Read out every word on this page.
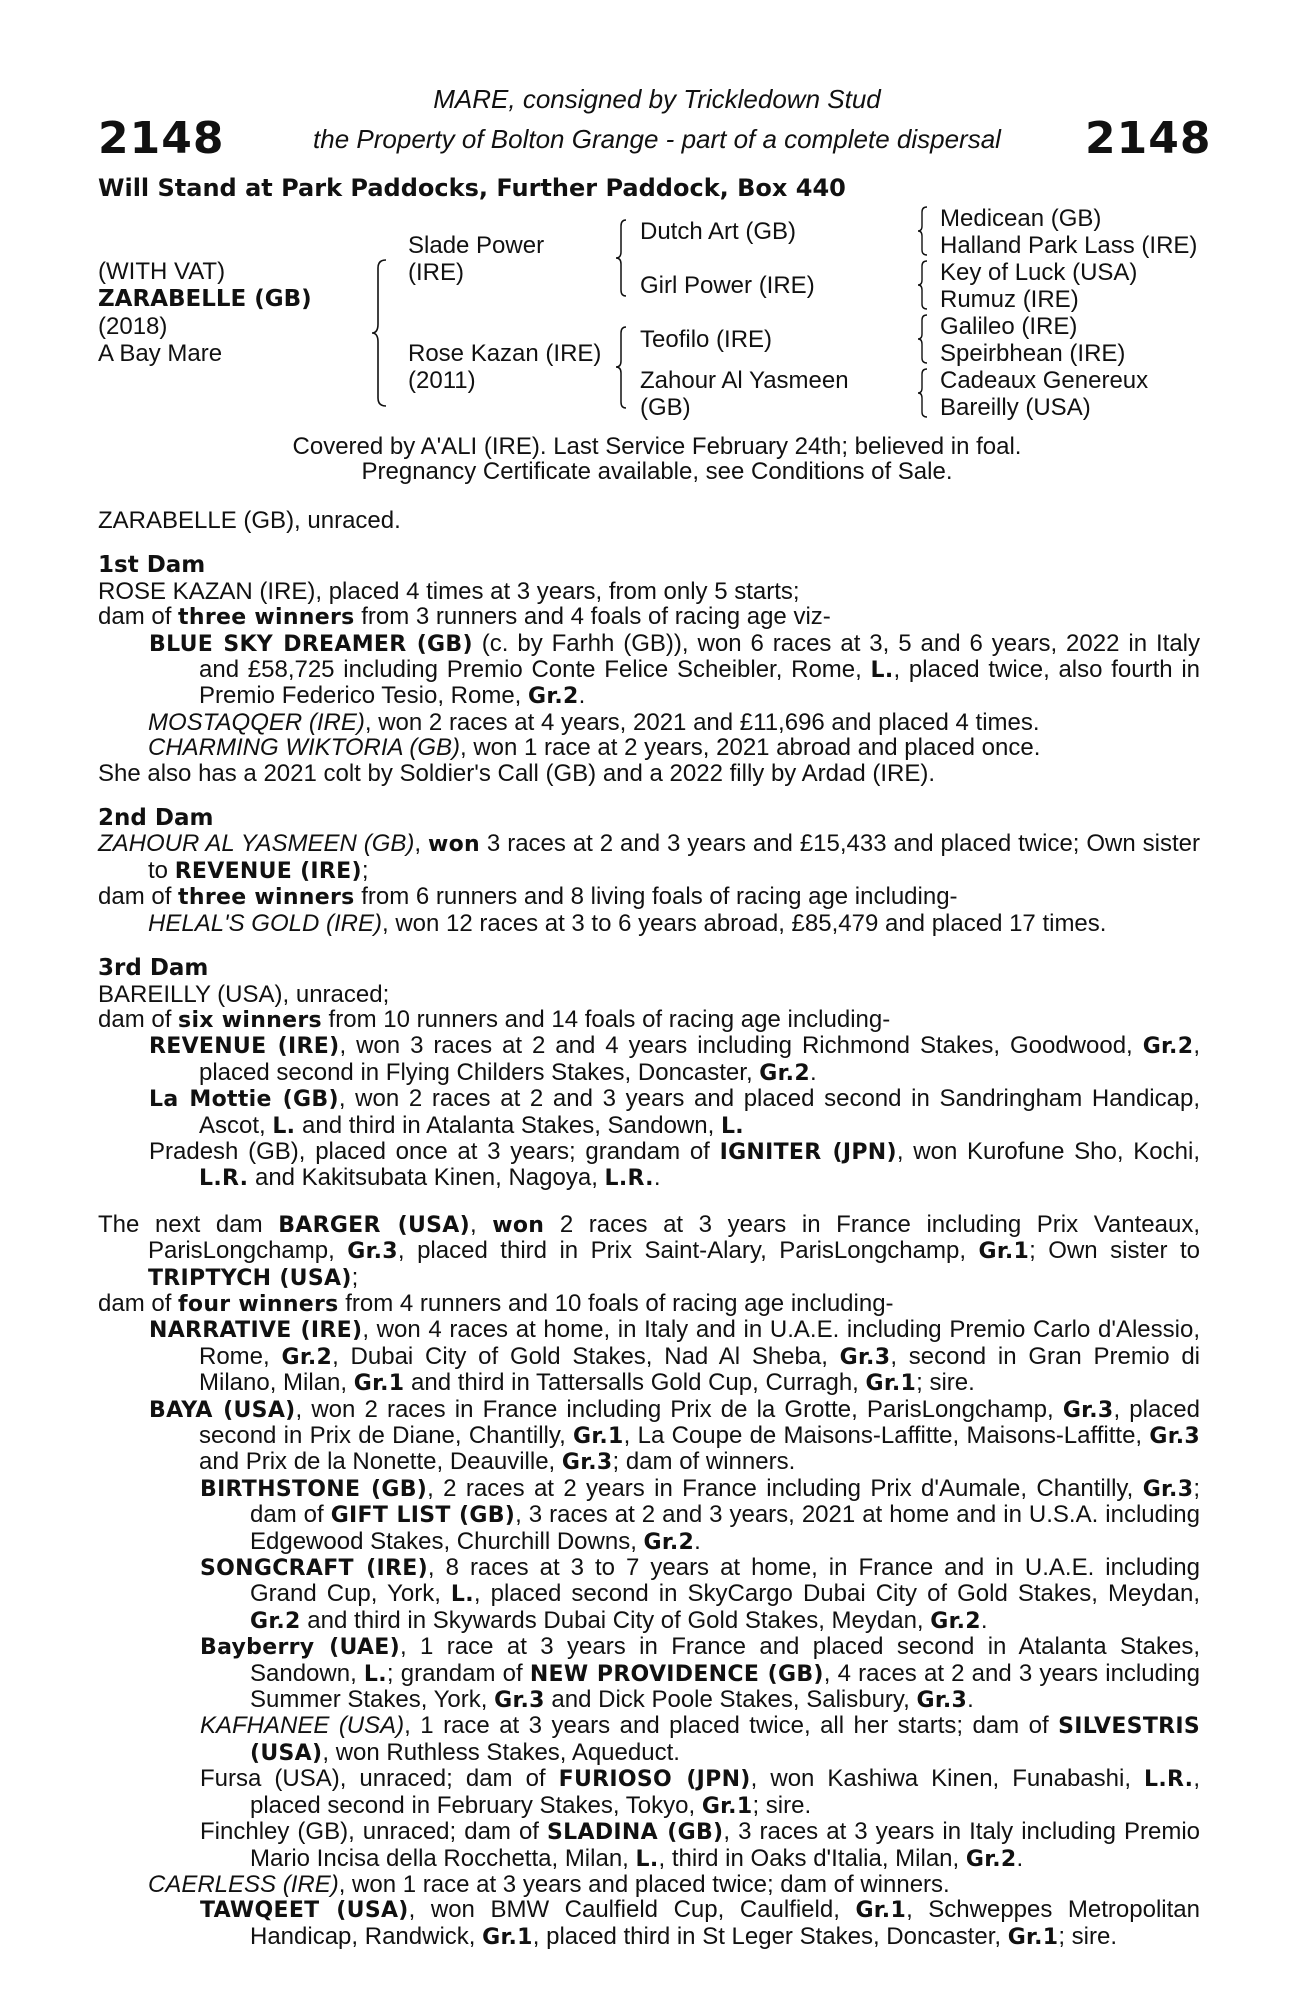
2148	2148
MARE, consigned by Trickledown Stud
the Property of Bolton Grange - part of a complete dispersal
Will Stand at Park Paddocks, Further Paddock, Box 440
(WITH VAT)
ZARABELLE (GB)
(2018)
A Bay Mare
Slade Power
(IRE)
Rose Kazan (IRE)
(2011)
Dutch Art (GB)
Girl Power (IRE)
Teofilo (IRE)
Zahour Al Yasmeen
(GB)
Medicean (GB)
Halland Park Lass (IRE)
Key of Luck (USA)
Rumuz (IRE)
Galileo (IRE)
Speirbhean (IRE)
Cadeaux Genereux
Bareilly (USA)
Covered by A'ALI (IRE). Last Service February 24th; believed in foal.
Pregnancy Certificate available, see Conditions of Sale.

ZARABELLE (GB), unraced.

1st Dam

ROSE KAZAN (IRE), placed 4 times at 3 years, from only 5 starts;

dam of three winners from 3 runners and 4 foals of racing age viz-

BLUE SKY DREAMER (GB) (c. by Farhh (GB)), won 6 races at 3, 5 and 6 years, 2022 in Italy and £58,725 including Premio Conte Felice Scheibler, Rome, L., placed twice, also fourth in Premio Federico Tesio, Rome, Gr.2.

MOSTAQQER (IRE), won 2 races at 4 years, 2021 and £11,696 and placed 4 times.

CHARMING WIKTORIA (GB), won 1 race at 2 years, 2021 abroad and placed once.

She also has a 2021 colt by Soldier's Call (GB) and a 2022 filly by Ardad (IRE).

2nd Dam

ZAHOUR AL YASMEEN (GB), won 3 races at 2 and 3 years and £15,433 and placed twice; Own sister to REVENUE (IRE);

dam of three winners from 6 runners and 8 living foals of racing age including-

HELAL'S GOLD (IRE), won 12 races at 3 to 6 years abroad, £85,479 and placed 17 times.

3rd Dam

BAREILLY (USA), unraced;

dam of six winners from 10 runners and 14 foals of racing age including-

REVENUE (IRE), won 3 races at 2 and 4 years including Richmond Stakes, Goodwood, Gr.2, placed second in Flying Childers Stakes, Doncaster, Gr.2.

La Mottie (GB), won 2 races at 2 and 3 years and placed second in Sandringham Handicap, Ascot, L. and third in Atalanta Stakes, Sandown, L.

Pradesh (GB), placed once at 3 years; grandam of IGNITER (JPN), won Kurofune Sho, Kochi, L.R. and Kakitsubata Kinen, Nagoya, L.R..

The next dam BARGER (USA), won 2 races at 3 years in France including Prix Vanteaux, ParisLongchamp, Gr.3, placed third in Prix Saint-Alary, ParisLongchamp, Gr.1; Own sister to TRIPTYCH (USA);

dam of four winners from 4 runners and 10 foals of racing age including-

NARRATIVE (IRE), won 4 races at home, in Italy and in U.A.E. including Premio Carlo d'Alessio, Rome, Gr.2, Dubai City of Gold Stakes, Nad Al Sheba, Gr.3, second in Gran Premio di Milano, Milan, Gr.1 and third in Tattersalls Gold Cup, Curragh, Gr.1; sire.

BAYA (USA), won 2 races in France including Prix de la Grotte, ParisLongchamp, Gr.3, placed second in Prix de Diane, Chantilly, Gr.1, La Coupe de Maisons-Laffitte, Maisons-Laffitte, Gr.3 and Prix de la Nonette, Deauville, Gr.3; dam of winners.

BIRTHSTONE (GB), 2 races at 2 years in France including Prix d'Aumale, Chantilly, Gr.3; dam of GIFT LIST (GB), 3 races at 2 and 3 years, 2021 at home and in U.S.A. including Edgewood Stakes, Churchill Downs, Gr.2.

SONGCRAFT (IRE), 8 races at 3 to 7 years at home, in France and in U.A.E. including Grand Cup, York, L., placed second in SkyCargo Dubai City of Gold Stakes, Meydan, Gr.2 and third in Skywards Dubai City of Gold Stakes, Meydan, Gr.2.

Bayberry (UAE), 1 race at 3 years in France and placed second in Atalanta Stakes, Sandown, L.; grandam of NEW PROVIDENCE (GB), 4 races at 2 and 3 years including Summer Stakes, York, Gr.3 and Dick Poole Stakes, Salisbury, Gr.3.

KAFHANEE (USA), 1 race at 3 years and placed twice, all her starts; dam of SILVESTRIS (USA), won Ruthless Stakes, Aqueduct.

Fursa (USA), unraced; dam of FURIOSO (JPN), won Kashiwa Kinen, Funabashi, L.R., placed second in February Stakes, Tokyo, Gr.1; sire.

Finchley (GB), unraced; dam of SLADINA (GB), 3 races at 3 years in Italy including Premio Mario Incisa della Rocchetta, Milan, L., third in Oaks d'Italia, Milan, Gr.2.

CAERLESS (IRE), won 1 race at 3 years and placed twice; dam of winners.

TAWQEET (USA), won BMW Caulfield Cup, Caulfield, Gr.1, Schweppes Metropolitan Handicap, Randwick, Gr.1, placed third in St Leger Stakes, Doncaster, Gr.1; sire.
